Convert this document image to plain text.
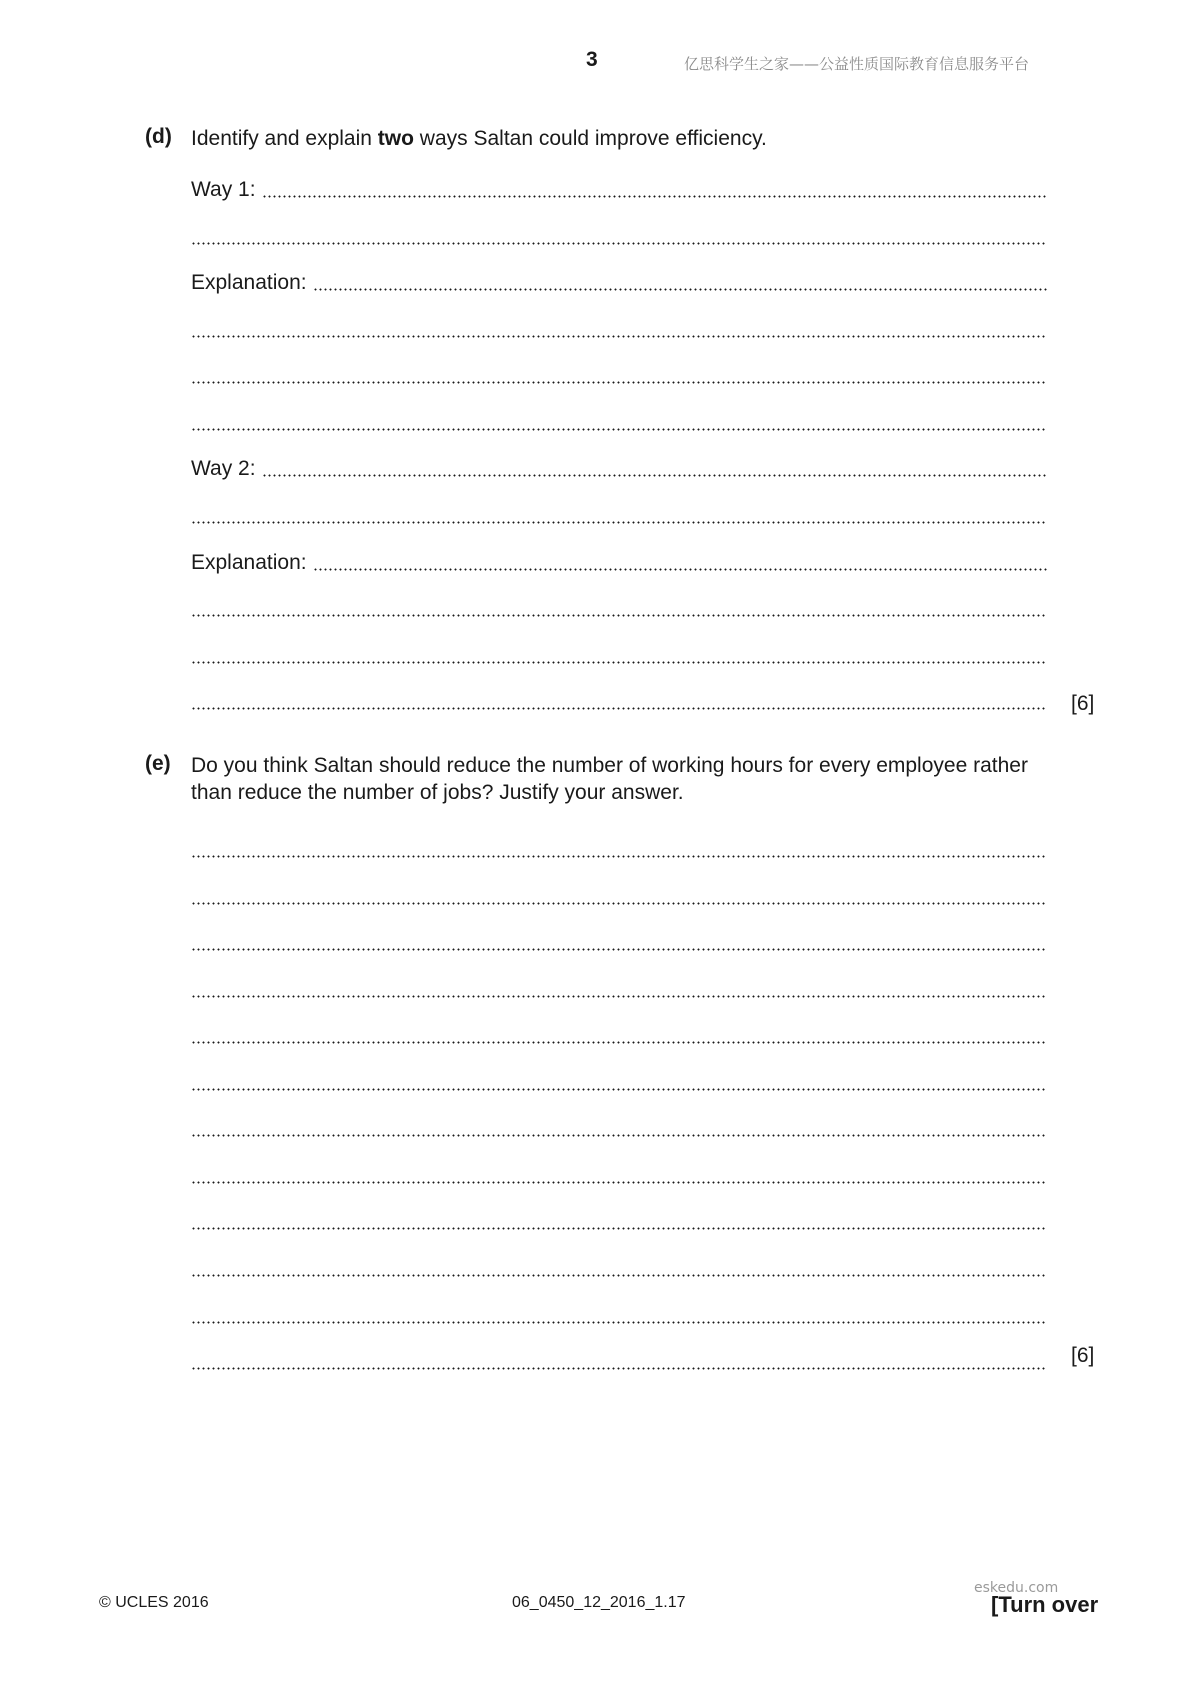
3	亿思科学生之家——公益性质国际教育信息服务平台
(d) Identify and explain two ways Saltan could improve efficiency.
Way 1:
Explanation:
Way 2:
Explanation:
[6]
(e) Do you think Saltan should reduce the number of working hours for every employee rather
than reduce the number of jobs? Justify your answer.
[6]
© UCLES 2016	06_0450_12_2016_1.17
eskedu.com
[Turn over
